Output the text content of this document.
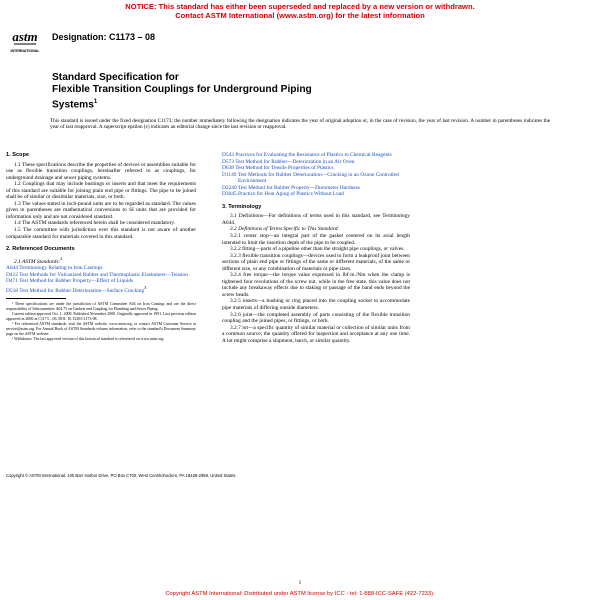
NOTICE: This standard has either been superseded and replaced by a new version or withdrawn.
Contact ASTM International (www.astm.org) for the latest information
astm
INTERNATIONAL
Designation: C1173 – 08
Standard Specification for
Flexible Transition Couplings for Underground Piping
Systems$^1$
This standard is issued under the fixed designation C1173; the number immediately following the designation indicates the year of original adoption or, in the case of revision, the year of last revision. A number in parentheses indicates the year of last reapproval. A superscript epsilon (ε) indicates an editorial change since the last revision or reapproval.
1. Scope

1.1 These specifications describe the properties of devices or assemblies suitable for use as flexible transition couplings, hereinafter referred to as couplings, for underground drainage and sewer piping systems.

1.2 Couplings that may include bushings or inserts and that meet the requirements of this standard are suitable for joining plain end pipe or fittings. The pipe to be joined shall be of similar or dissimilar materials, size, or both.

1.3 The values stated in inch-pound units are to be regarded as standard. The values given in parentheses are mathematical conversions to SI units that are provided for information only and are not considered standard.

1.4 The ASTM standards referenced herein shall be considered mandatory.

1.5 The committee with jurisdiction over this standard is not aware of another comparable standard for materials covered in this standard.

2. Referenced Documents

2.1 ASTM Standards:$^2$

A644 Terminology Relating to Iron Castings
D412 Test Methods for Vulcanized Rubber and Thermoplastic Elastomers—Tension
D471 Test Method for Rubber Property—Effect of Liquids
D518 Test Method for Rubber Deterioration—Surface Cracking$^3$
¹ These specifications are under the jurisdiction of ASTM Committee A04 on Iron Castings and are the direct responsibility of Subcommittee A04.75 on Gaskets and Coupling for Plumbing and Sewer Piping.
Current edition approved Oct. 1, 2008. Published November 2008. Originally approved in 1991. Last previous edition approved in 2006 as C1173 – 06. DOI: 10.1520/C1173-08.
² For referenced ASTM standards, visit the ASTM website, www.astm.org, or contact ASTM Customer Service at service@astm.org. For Annual Book of ASTM Standards volume information, refer to the standard's Document Summary page on the ASTM website.
³ Withdrawn. The last approved version of this historical standard is referenced on www.astm.org.
D543 Practices for Evaluating the Resistance of Plastics to Chemical Reagents
D573 Test Method for Rubber—Deterioration in an Air Oven
D638 Test Method for Tensile Properties of Plastics
D1149 Test Methods for Rubber Deterioration—Cracking in an Ozone Controlled Environment
D2240 Test Method for Rubber Property—Durometer Hardness
D3045 Practice for Heat Aging of Plastics Without Load
3. Terminology

3.1 Definitions—For definitions of terms used in this standard, see Terminology A644.

3.2 Definitions of Terms Specific to This Standard:

3.2.1 center stop—an integral part of the gasket centered on its axial length intended to limit the insertion depth of the pipe to be coupled.

3.2.2 fitting—parts of a pipeline other than the straight pipe couplings, or valves.

3.2.3 flexible transition couplings—devices used to form a leakproof joint between sections of plain end pipe or fittings of the same or different materials, of the same or different size, or any combination of materials or pipe sizes.

3.2.4 free torque—the torque value expressed in lbf·in./Nm when the clamp is tightened four revolutions of the screw nut. while in the free state. this value does not include any breakaway effects due to staking or passage of the band ends beyond the screw heads.

3.2.5 inserts—a bushing or ring placed into the coupling socket to accommodate pipe materials of differing outside diameters.

3.2.6 joint—the completed assembly of parts consisting of the flexible transition coupling and the joined pipes, or fittings, or both.

3.2.7 lot—a specific quantity of similar material or collection of similar units from a common source; the quantity offered for inspection and acceptance at any one time. A lot might comprise a shipment, batch, or similar quantity.

Copyright © ASTM International, 100 Barr Harbor Drive, PO Box C700, West Conshohocken, PA 19428-2959, United States.
1
Copyright ASTM International: Distributed under ASTM license by ICC - tel: 1-888-ICC-SAFE (422-7233).
